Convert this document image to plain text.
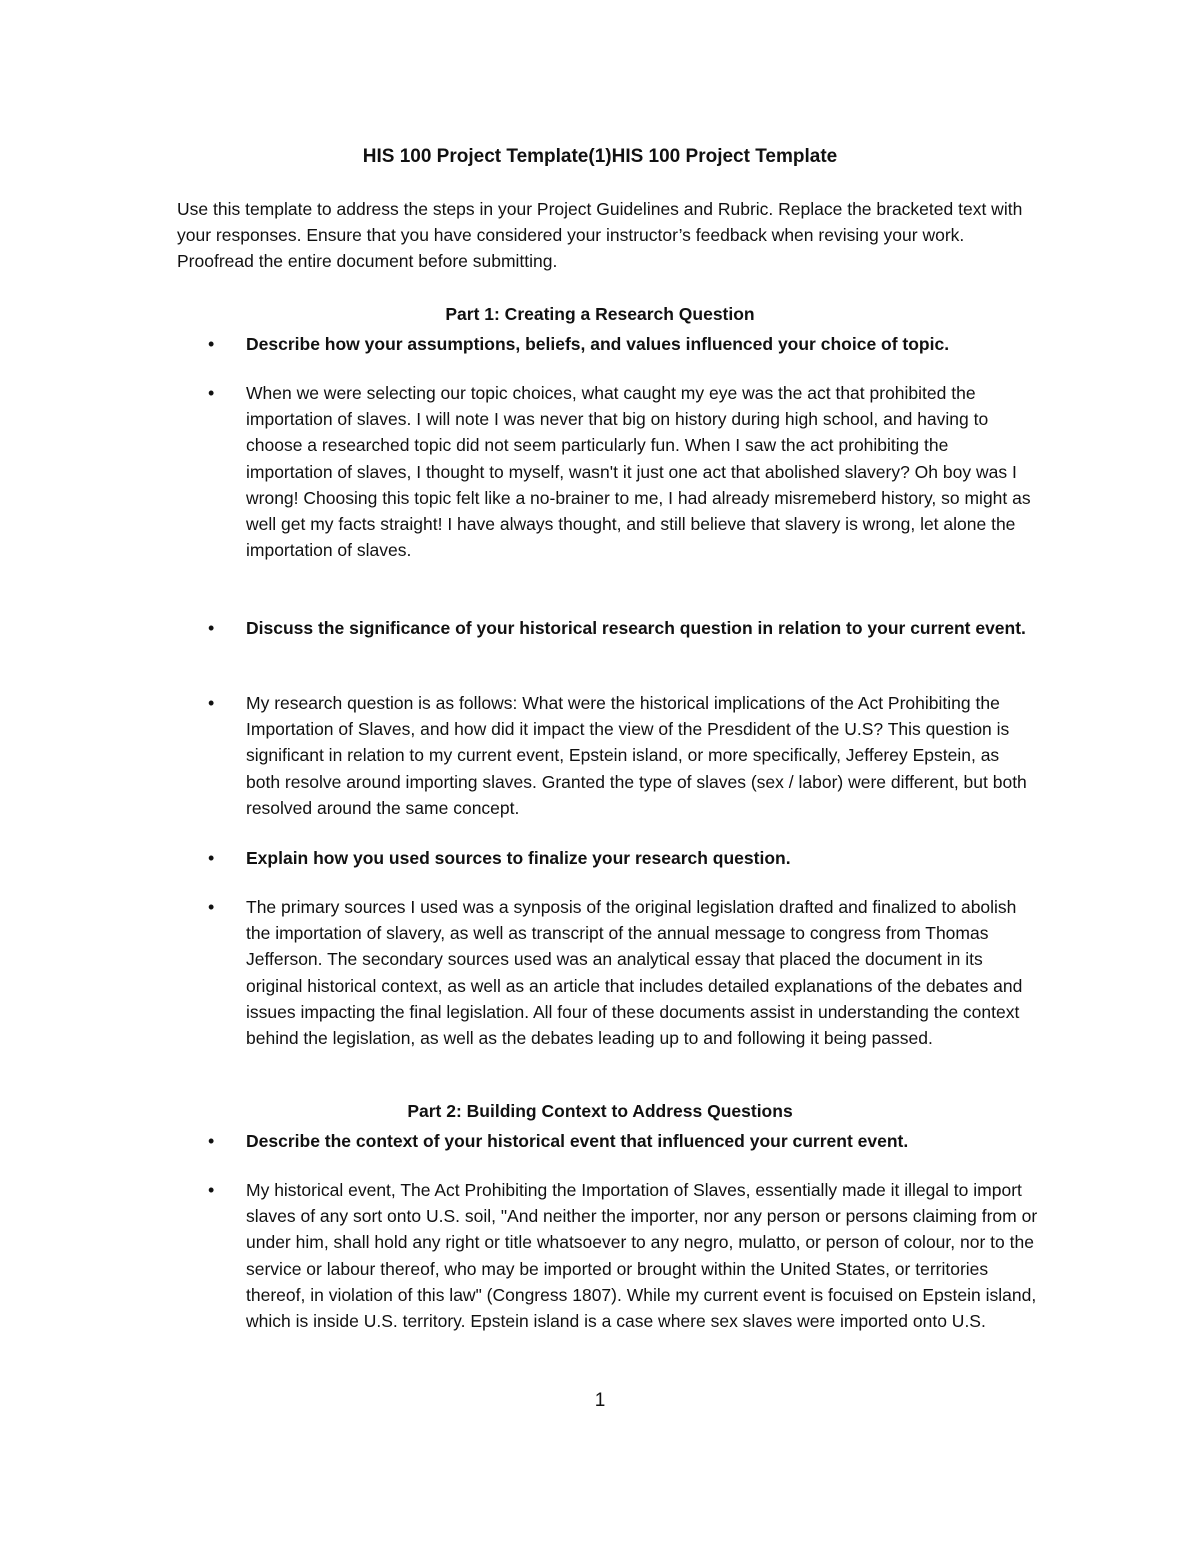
HIS 100 Project Template(1)HIS 100 Project Template
Use this template to address the steps in your Project Guidelines and Rubric. Replace the bracketed text with your responses. Ensure that you have considered your instructor’s feedback when revising your work. Proofread the entire document before submitting.
Part 1: Creating a Research Question
•	Describe how your assumptions, beliefs, and values influenced your choice of topic.
•	When we were selecting our topic choices, what caught my eye was the act that prohibited the importation of slaves. I will note I was never that big on history during high school, and having to choose a researched topic did not seem particularly fun. When I saw the act prohibiting the importation of slaves, I thought to myself, wasn't it just one act that abolished slavery? Oh boy was I wrong! Choosing this topic felt like a no-brainer to me, I had already misremeberd history, so might as well get my facts straight! I have always thought, and still believe that slavery is wrong, let alone the importation of slaves.
•	Discuss the significance of your historical research question in relation to your current event.
•	My research question is as follows: What were the historical implications of the Act Prohibiting the Importation of Slaves, and how did it impact the view of the Presdident of the U.S? This question is significant in relation to my current event, Epstein island, or more specifically, Jefferey Epstein, as both resolve around importing slaves. Granted the type of slaves (sex / labor) were different, but both resolved around the same concept.
•	Explain how you used sources to finalize your research question.
•	The primary sources I used was a synposis of the original legislation drafted and finalized to abolish the importation of slavery, as well as transcript of the annual message to congress from Thomas Jefferson. The secondary sources used was an analytical essay that placed the document in its original historical context, as well as an article that includes detailed explanations of the debates and issues impacting the final legislation. All four of these documents assist in understanding the context behind the legislation, as well as the debates leading up to and following it being passed.
Part 2: Building Context to Address Questions
•	Describe the context of your historical event that influenced your current event.
•	My historical event, The Act Prohibiting the Importation of Slaves, essentially made it illegal to import slaves of any sort onto U.S. soil, "And neither the importer, nor any person or persons claiming from or under him, shall hold any right or title whatsoever to any negro, mulatto, or person of colour, nor to the service or labour thereof, who may be imported or brought within the United States, or territories thereof, in violation of this law" (Congress 1807). While my current event is focuised on Epstein island, which is inside U.S. territory. Epstein island is a case where sex slaves were imported onto U.S.
1
